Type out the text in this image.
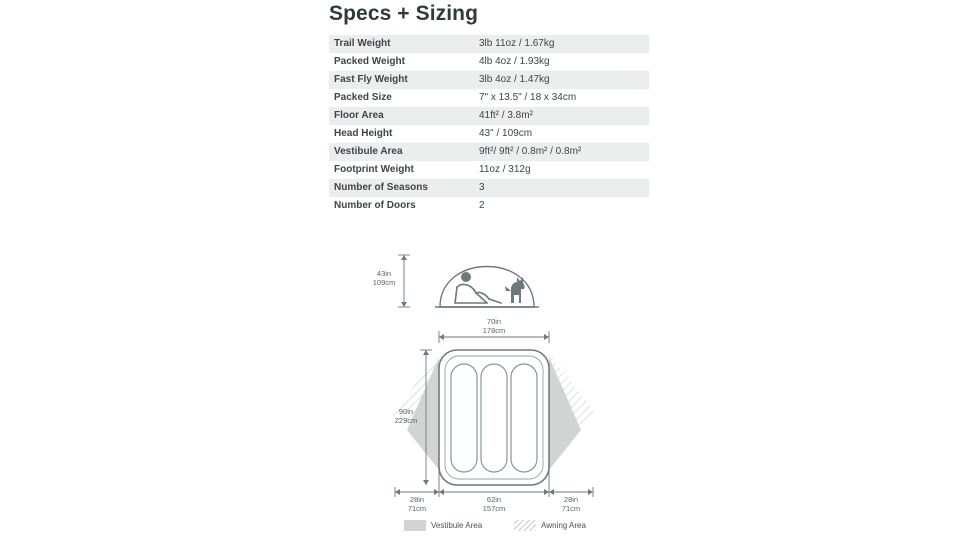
Specs + Sizing
Trail Weight	3lb 11oz / 1.67kg
Packed Weight	4lb 4oz / 1.93kg
Fast Fly Weight	3lb 4oz / 1.47kg
Packed Size	7" x 13.5" / 18 x 34cm
Floor Area	41ft² / 3.8m²
Head Height	43" / 109cm
Vestibule Area	9ft²/ 9ft² / 0.8m² / 0.8m²
Footprint Weight	11oz / 312g
Number of Seasons	3
Number of Doors	2
43in
109cm
70in
178cm
90in
229cm
28in
71cm
62in
157cm
28in
71cm
Vestibule Area	Awning Area
